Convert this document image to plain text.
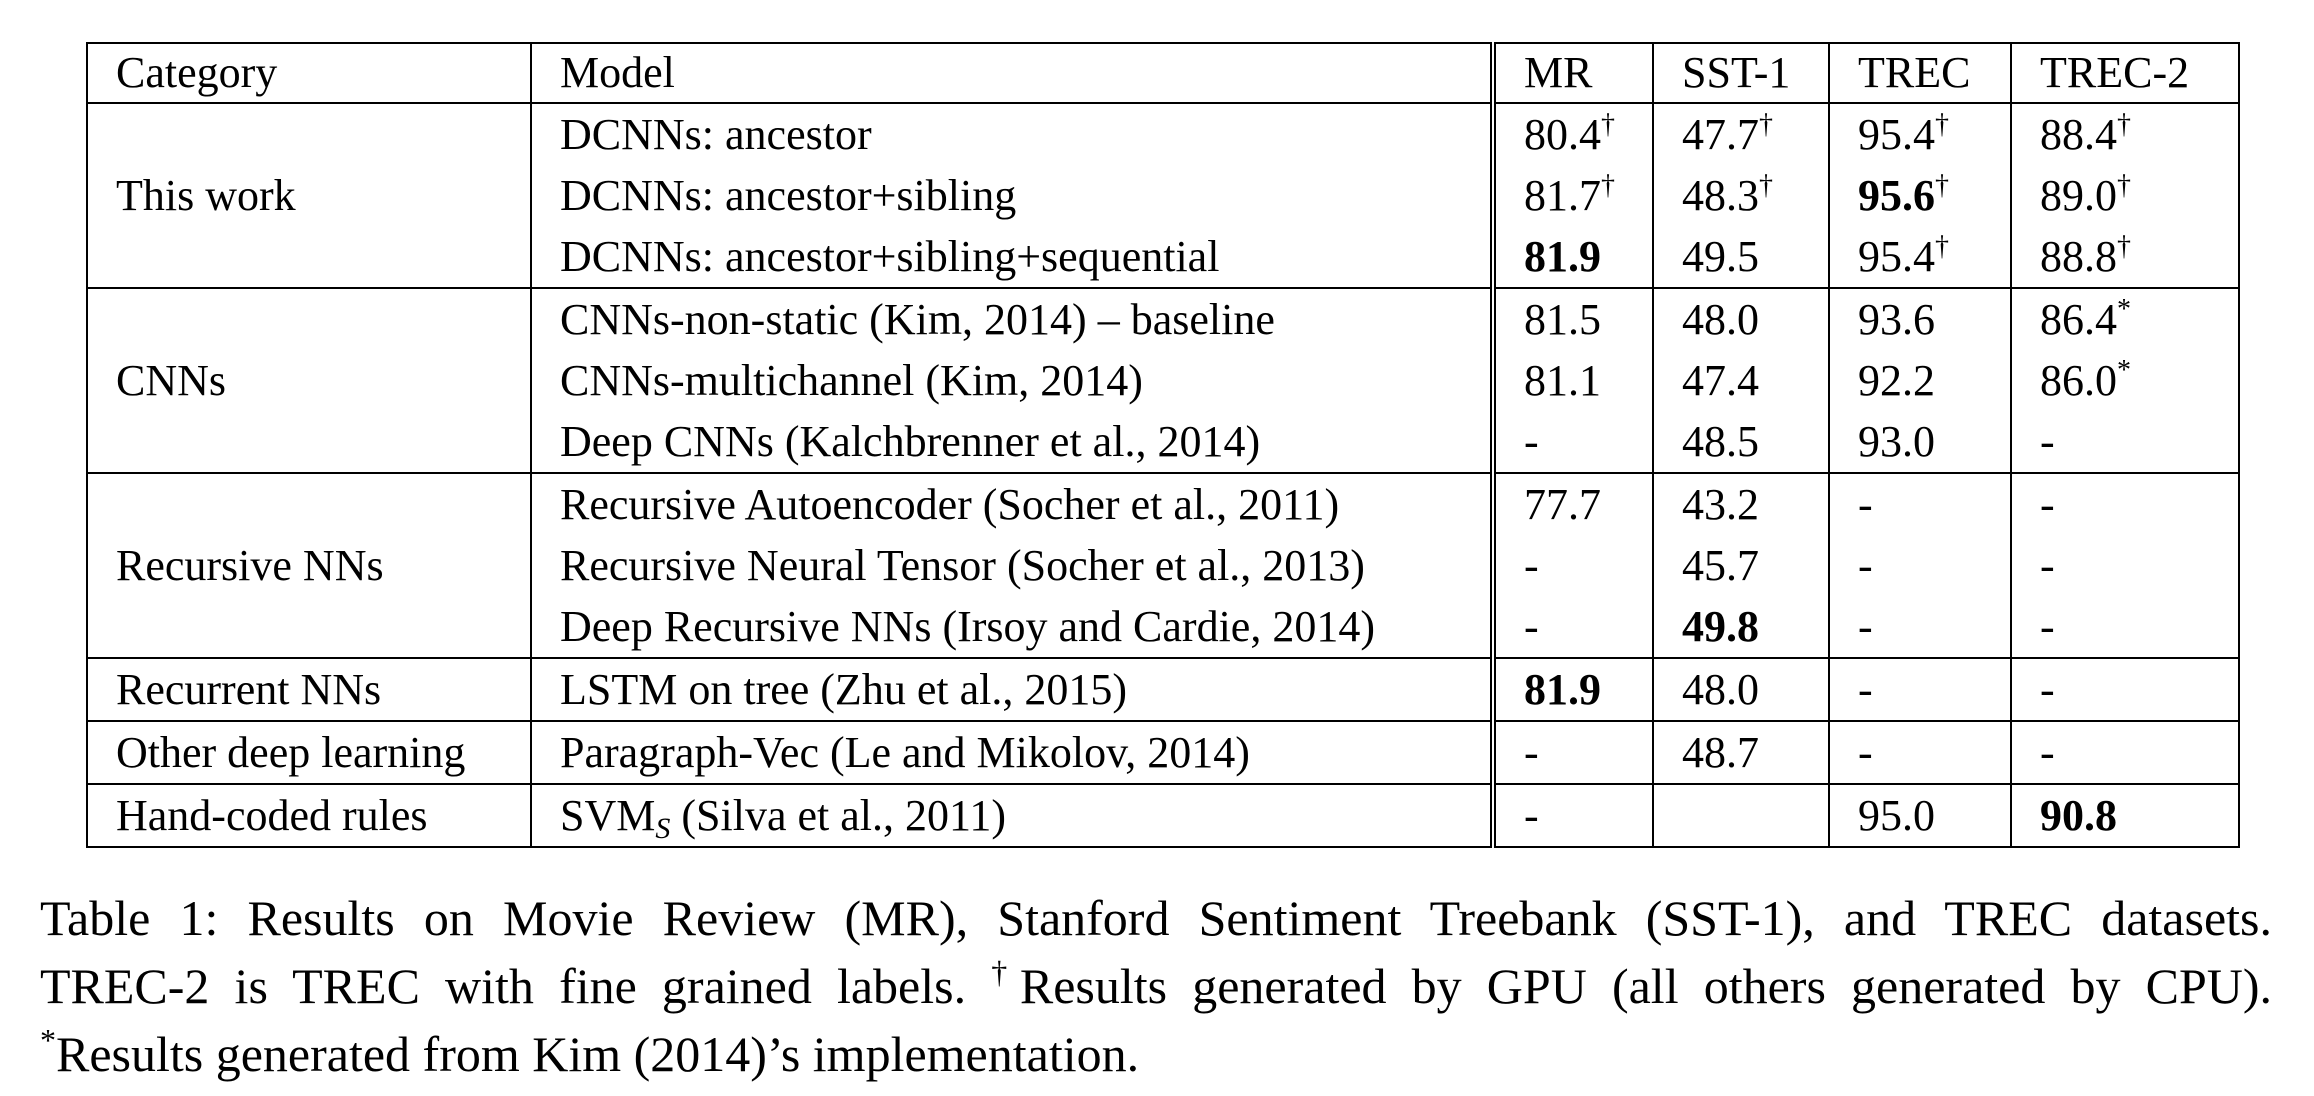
Category	Model	MR	SST-1	TREC	TREC-2
This work	DCNNs: ancestor	80.4†	47.7†	95.4†	88.4†
	DCNNs: ancestor+sibling	81.7†	48.3†	95.6†	89.0†
	DCNNs: ancestor+sibling+sequential	81.9	49.5	95.4†	88.8†
CNNs	CNNs-non-static (Kim, 2014) – baseline	81.5	48.0	93.6	86.4*
	CNNs-multichannel (Kim, 2014)	81.1	47.4	92.2	86.0*
	Deep CNNs (Kalchbrenner et al., 2014)	-	48.5	93.0	-
Recursive NNs	Recursive Autoencoder (Socher et al., 2011)	77.7	43.2	-	-
	Recursive Neural Tensor (Socher et al., 2013)	-	45.7	-	-
	Deep Recursive NNs (Irsoy and Cardie, 2014)	-	49.8	-	-
Recurrent NNs	LSTM on tree (Zhu et al., 2015)	81.9	48.0	-	-
Other deep learning	Paragraph-Vec (Le and Mikolov, 2014)	-	48.7	-	-
Hand-coded rules	$SVM_S$ (Silva et al., 2011)	-		95.0	90.8
Table 1: Results on Movie Review (MR), Stanford Sentiment Treebank (SST-1), and TREC datasets.
TREC-2 is TREC with fine grained labels. †Results generated by GPU (all others generated by CPU).
*Results generated from Kim (2014)’s implementation.
